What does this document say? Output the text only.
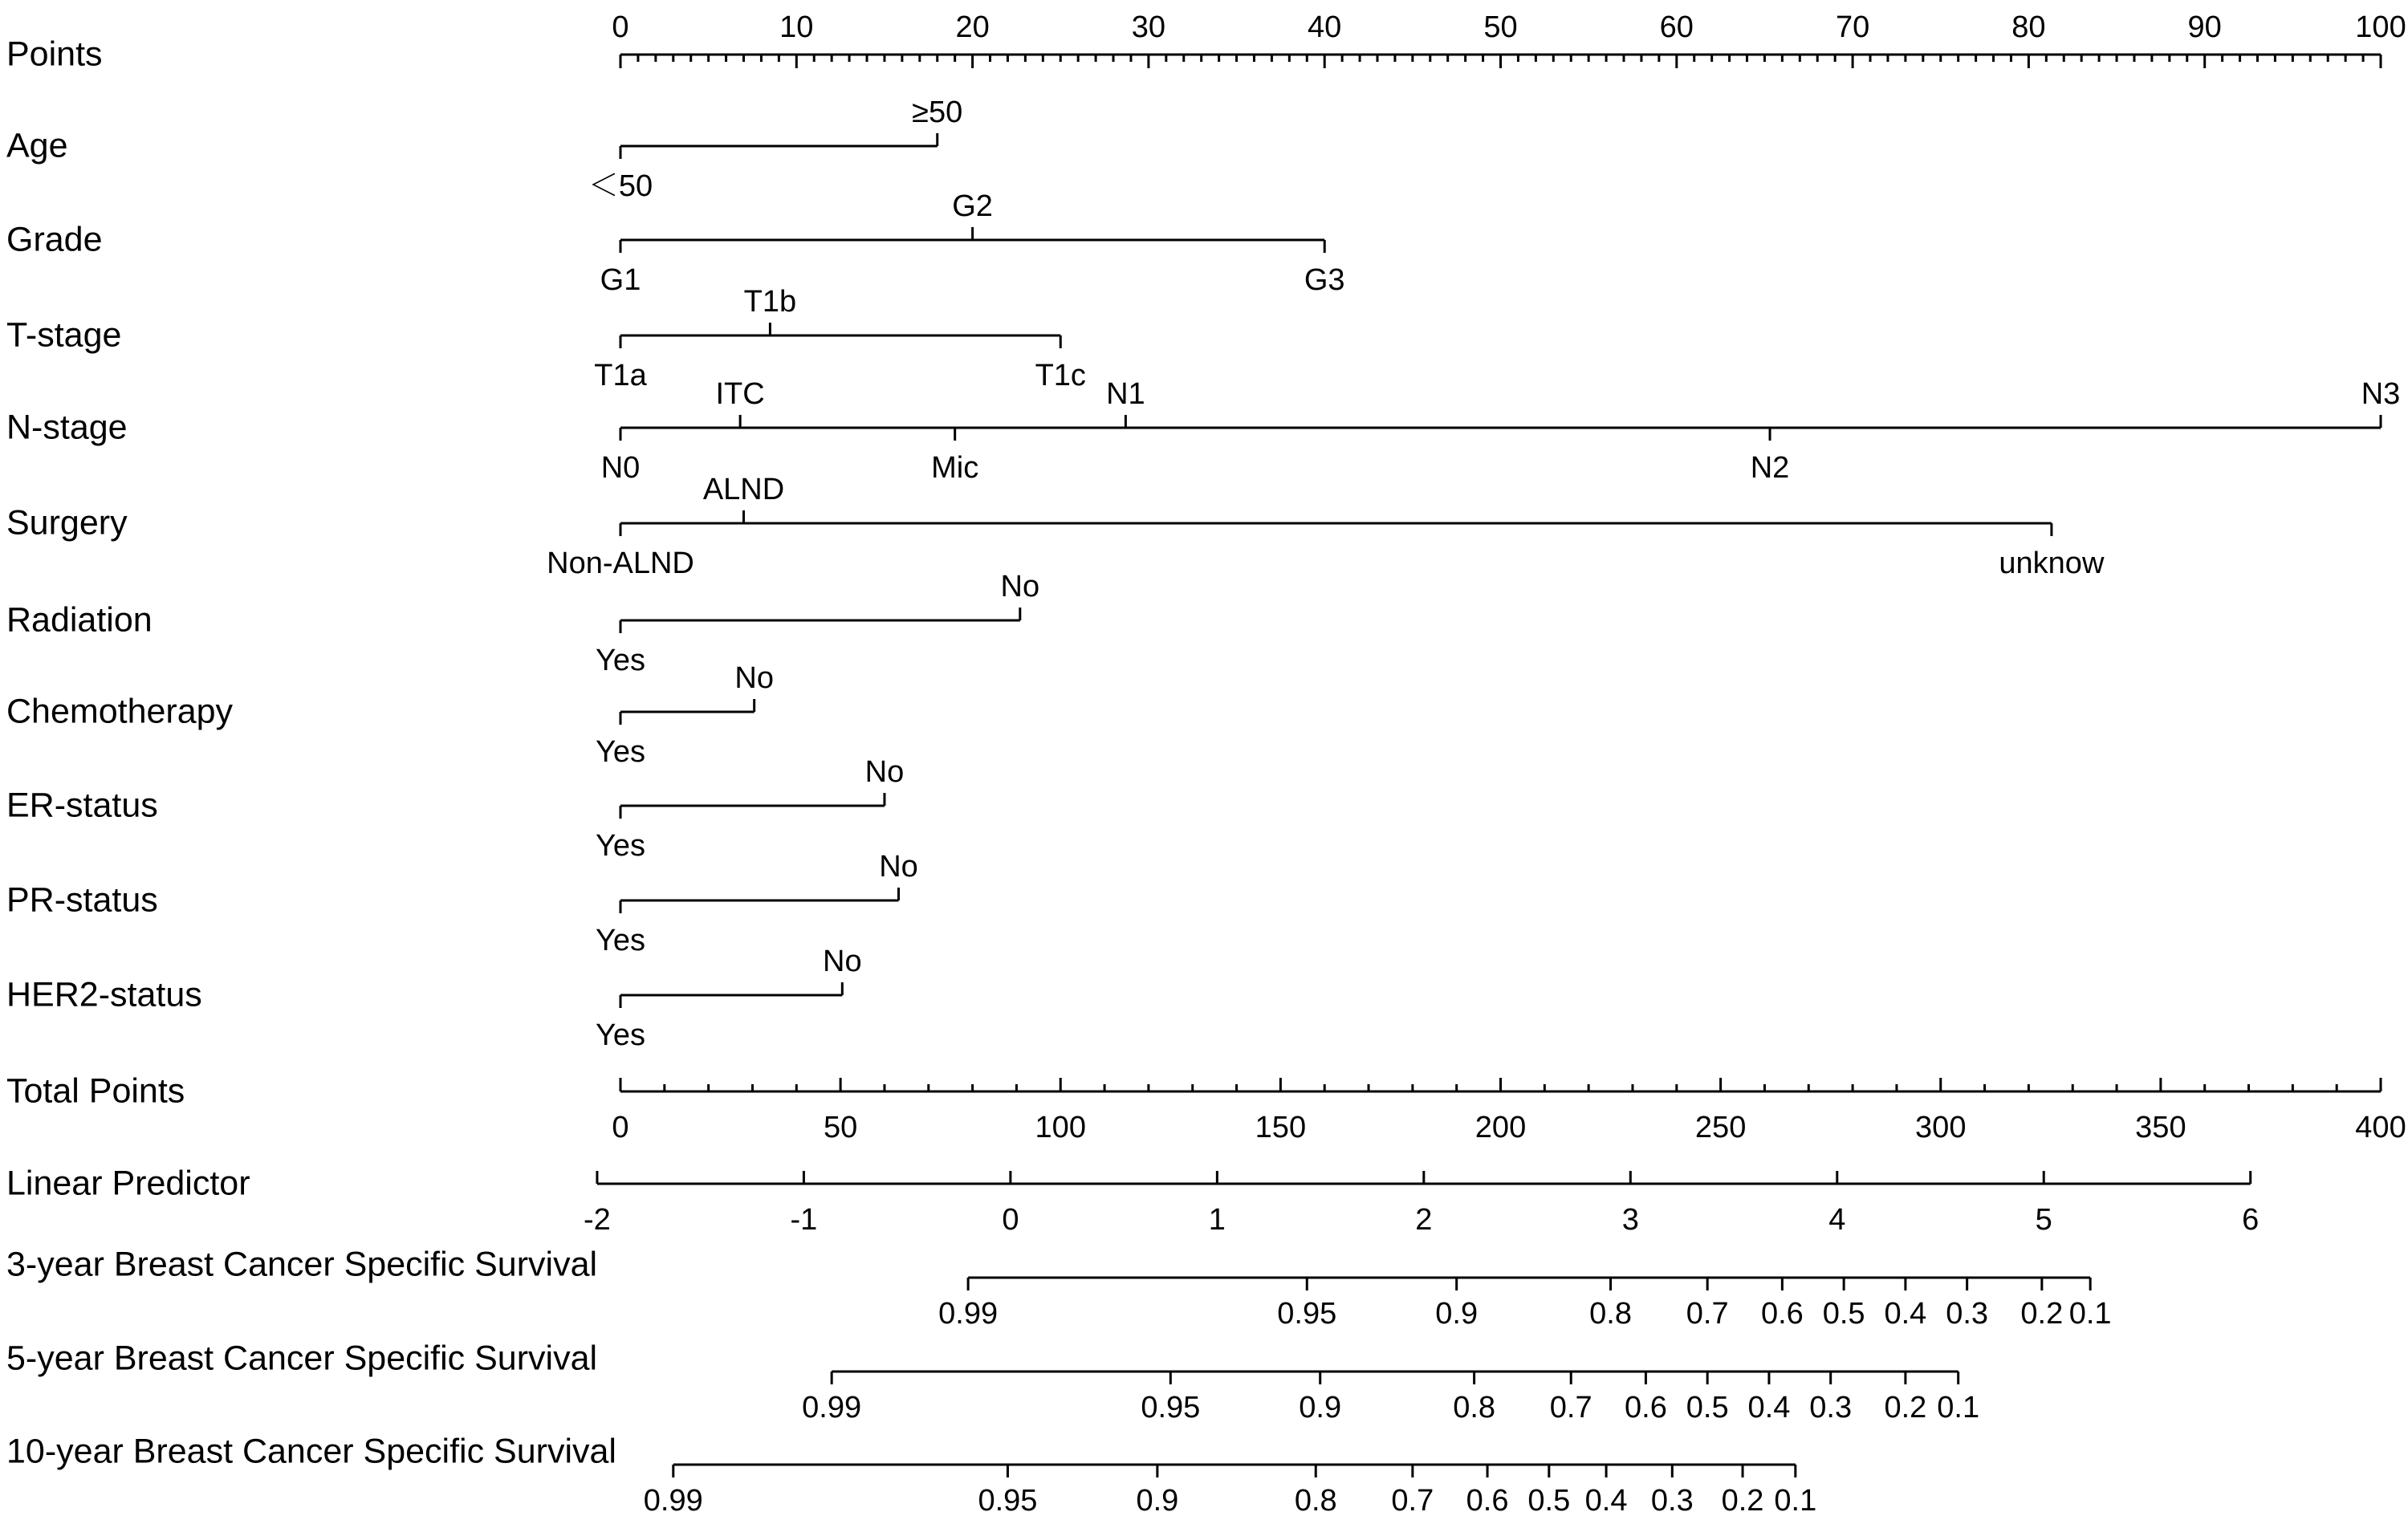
Points
0	10	20	30	40	50	60	70	80	90	100
Age
＜50
≥50
Grade
G1
G2
G3
T-stage
T1a
T1b
T1c
N-stage
N0
ITC
Mic
N1
N2
N3
Surgery
Non-ALND
ALND
unknow
Radiation
Yes
No
Chemotherapy
Yes
No
ER-status
Yes
No
PR-status
Yes
No
HER2-status
Yes
No
Total Points
0	50	100	150	200	250	300	350	400
Linear Predictor
-2	-1	0	1	2	3	4	5	6
3-year Breast Cancer Specific Survival
0.99	0.95	0.9	0.8 0.7 0.6 0.5 0.4 0.3 0.2 0.1
5-year Breast Cancer Specific Survival
0.99	0.95	0.9	0.8 0.7 0.6 0.5 0.4 0.3 0.2 0.1
10-year Breast Cancer Specific Survival
0.99	0.95	0.9	0.8 0.7 0.6 0.5 0.4 0.3 0.2 0.1
